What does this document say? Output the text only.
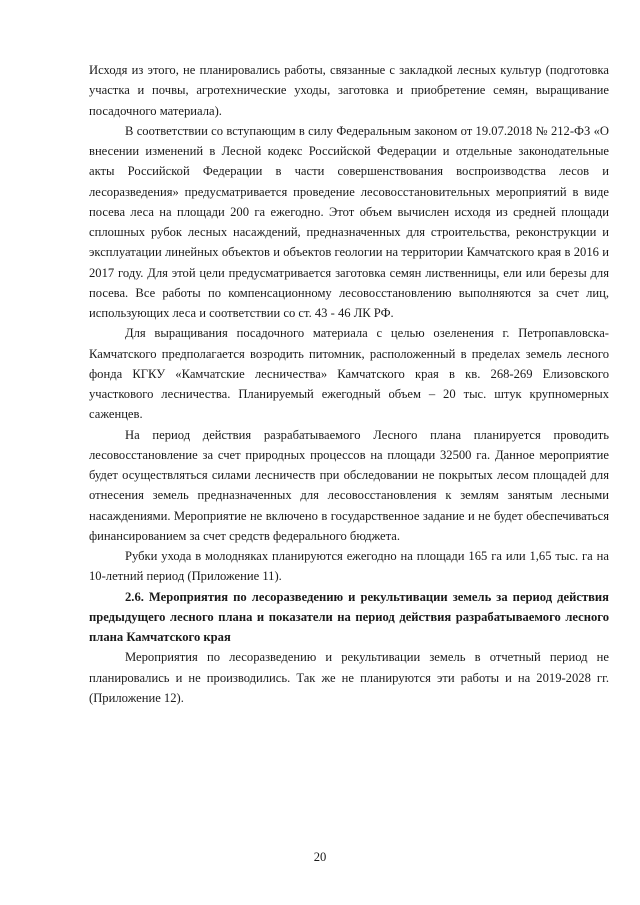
Исходя из этого, не планировались работы, связанные с закладкой лесных культур (подготовка участка и почвы, агротехнические уходы, заготовка и приобретение семян, выращивание посадочного материала).

В соответствии со вступающим в силу Федеральным законом от 19.07.2018 № 212-ФЗ «О внесении изменений в Лесной кодекс Российской Федерации и отдельные законодательные акты Российской Федерации в части совершенствования воспроизводства лесов и лесоразведения» предусматривается проведение лесовосстановительных мероприятий в виде посева леса на площади 200 га ежегодно. Этот объем вычислен исходя из средней площади сплошных рубок лесных насаждений, предназначенных для строительства, реконструкции и эксплуатации линейных объектов и объектов геологии на территории Камчатского края в 2016 и 2017 году. Для этой цели предусматривается заготовка семян лиственницы, ели или березы для посева. Все работы по компенсационному лесовосстановлению выполняются за счет лиц, использующих леса и соответствии со ст. 43 - 46 ЛК РФ.

Для выращивания посадочного материала с целью озеленения г. Петропавловска-Камчатского предполагается возродить питомник, расположенный в пределах земель лесного фонда КГКУ «Камчатские лесничества» Камчатского края в кв. 268-269 Елизовского участкового лесничества. Планируемый ежегодный объем – 20 тыс. штук крупномерных саженцев.

На период действия разрабатываемого Лесного плана планируется проводить лесовосстановление за счет природных процессов на площади 32500 га. Данное мероприятие будет осуществляться силами лесничеств при обследовании не покрытых лесом площадей для отнесения земель предназначенных для лесовосстановления к землям занятым лесными насаждениями. Мероприятие не включено в государственное задание и не будет обеспечиваться финансированием за счет средств федерального бюджета.

Рубки ухода в молодняках планируются ежегодно на площади 165 га или 1,65 тыс. га на 10-летний период (Приложение 11).

2.6. Мероприятия по лесоразведению и рекультивации земель за период действия предыдущего лесного плана и показатели на период действия разрабатываемого лесного плана Камчатского края

Мероприятия по лесоразведению и рекультивации земель в отчетный период не планировались и не производились. Так же не планируются эти работы и на 2019-2028 гг. (Приложение 12).

20
